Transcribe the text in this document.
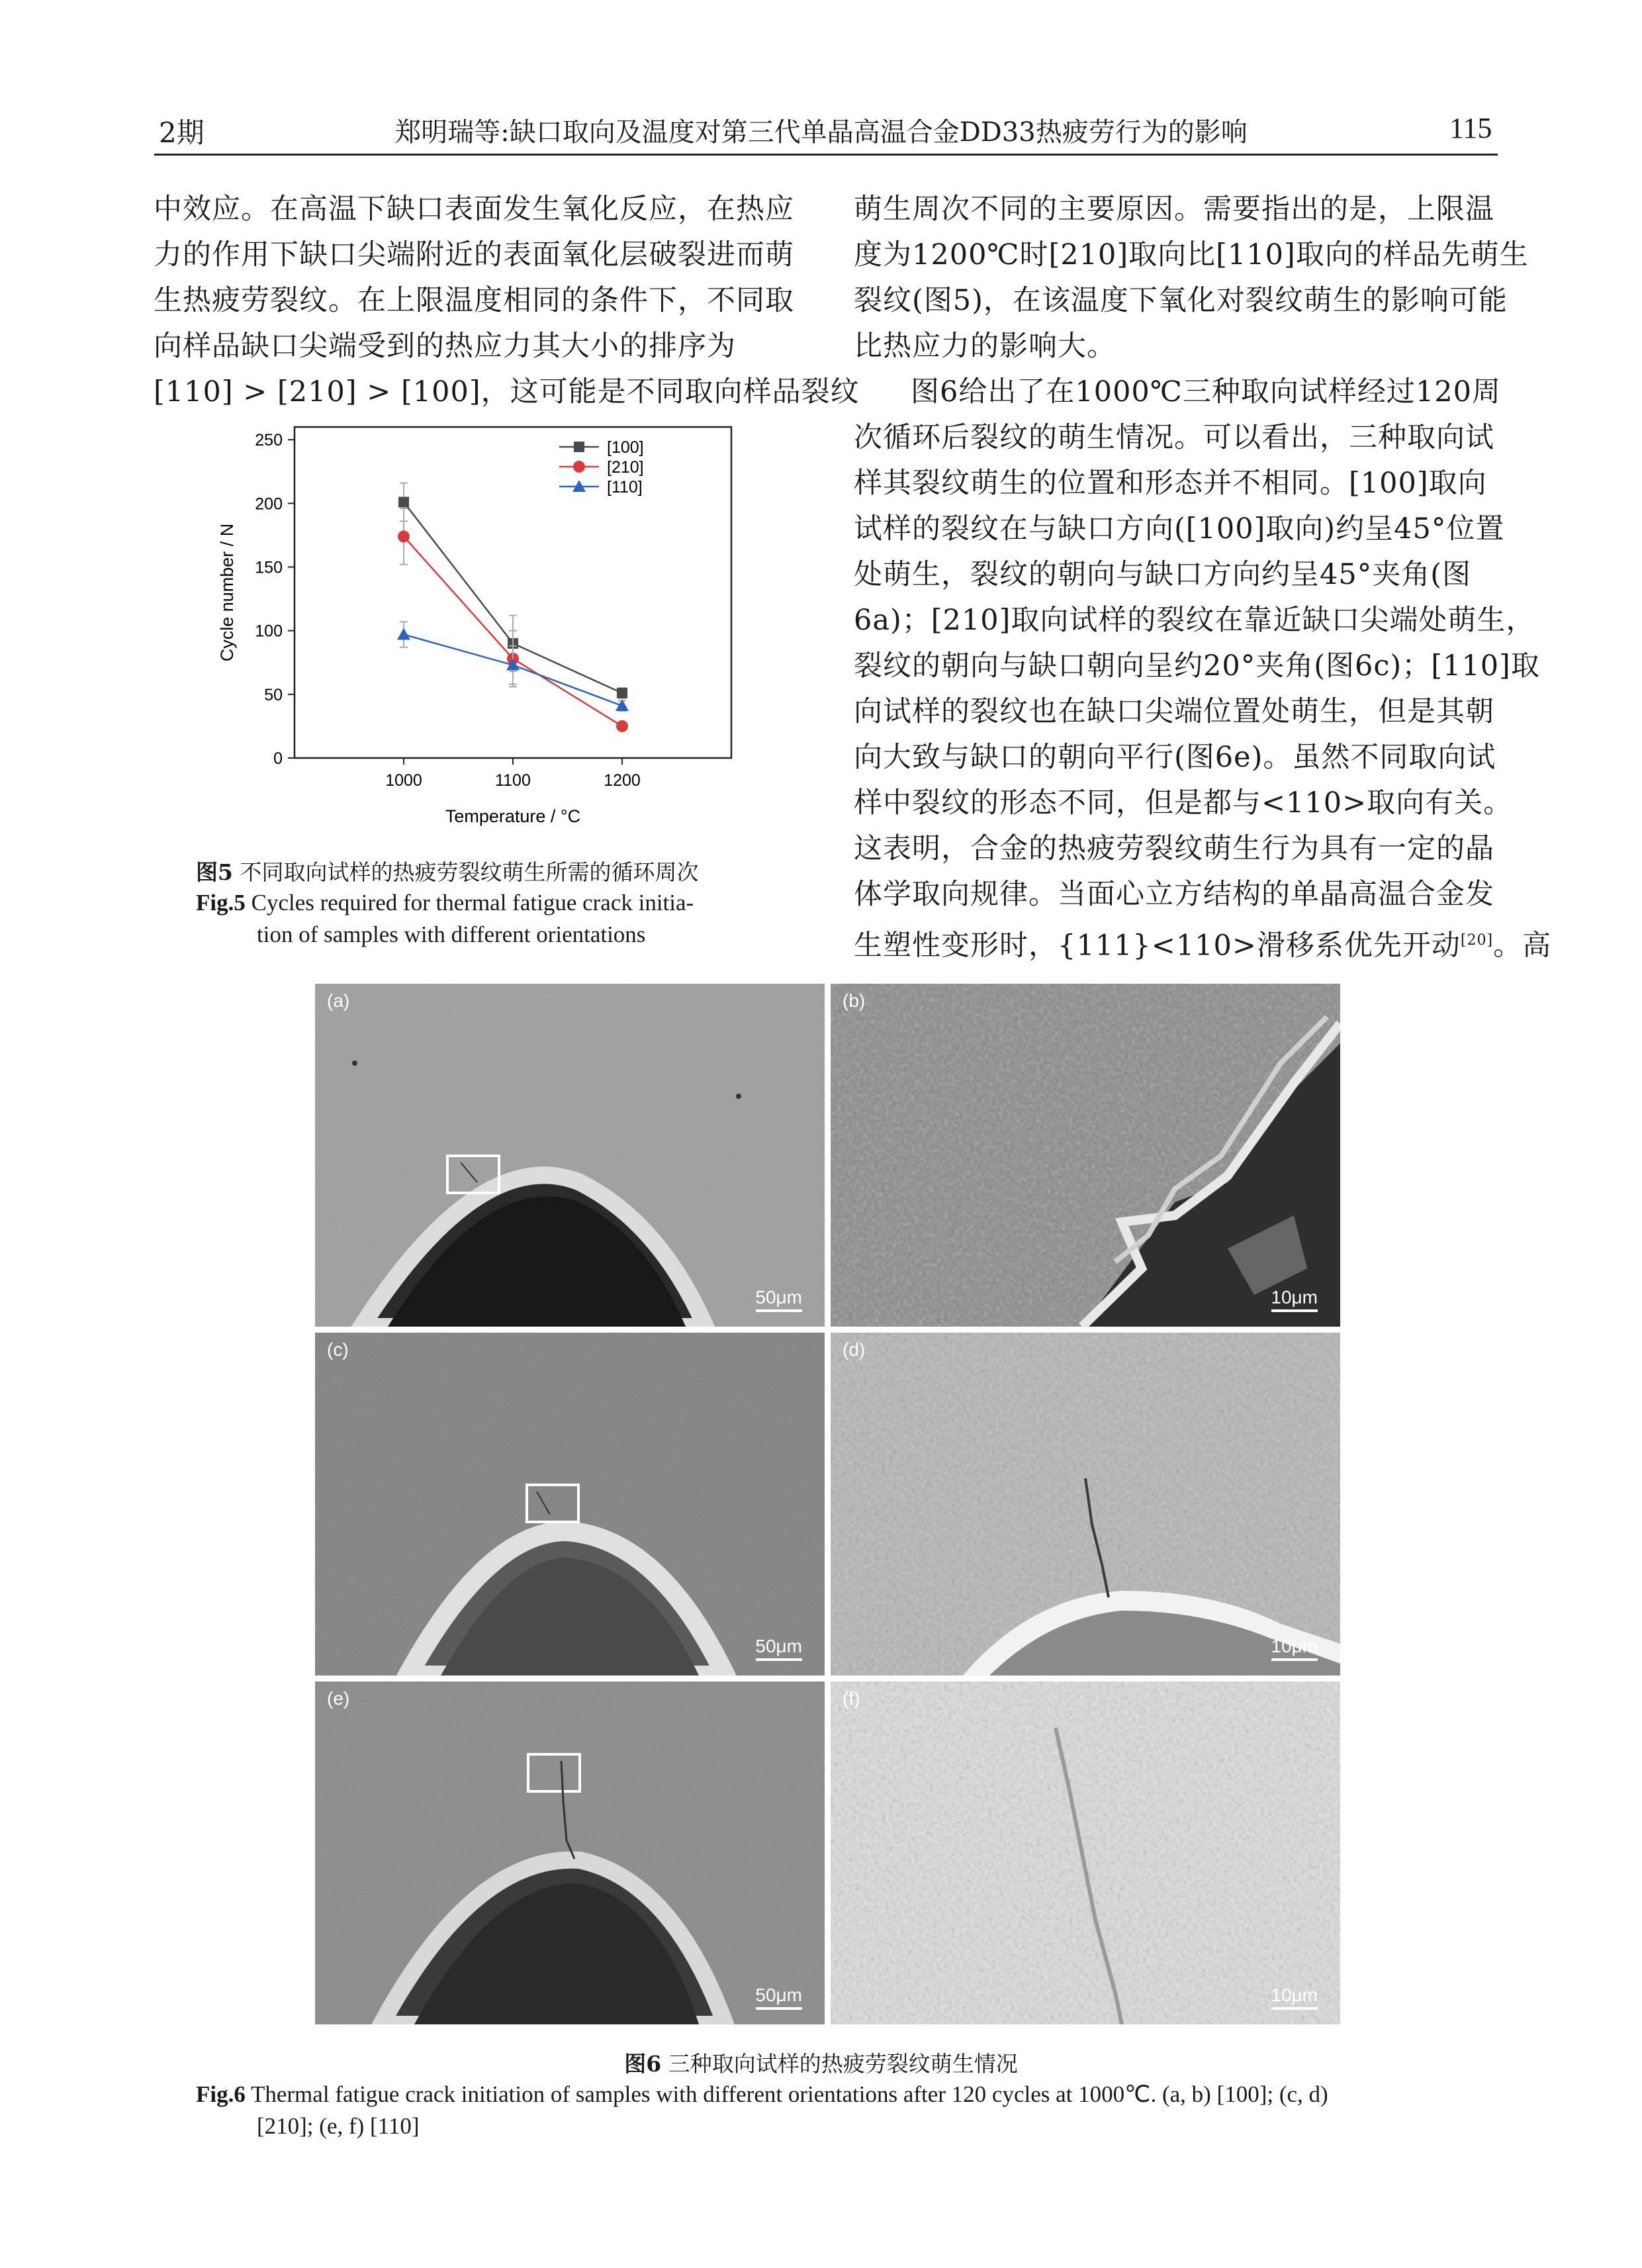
2期	郑明瑞等:缺口取向及温度对第三代单晶高温合金DD33热疲劳行为的影响	115
中效应。在高温下缺口表面发生氧化反应，在热应
力的作用下缺口尖端附近的表面氧化层破裂进而萌
生热疲劳裂纹。在上限温度相同的条件下，不同取
向样品缺口尖端受到的热应力其大小的排序为
[110] > [210] > [100]，这可能是不同取向样品裂纹
萌生周次不同的主要原因。需要指出的是，上限温
度为1200℃时[210]取向比[110]取向的样品先萌生
裂纹(图5)，在该温度下氧化对裂纹萌生的影响可能
比热应力的影响大。
图6给出了在1000℃三种取向试样经过120周
次循环后裂纹的萌生情况。可以看出，三种取向试
样其裂纹萌生的位置和形态并不相同。[100]取向
试样的裂纹在与缺口方向([100]取向)约呈45°位置
处萌生，裂纹的朝向与缺口方向约呈45°夹角(图
6a)；[210]取向试样的裂纹在靠近缺口尖端处萌生，
裂纹的朝向与缺口朝向呈约20°夹角(图6c)；[110]取
向试样的裂纹也在缺口尖端位置处萌生，但是其朝
向大致与缺口的朝向平行(图6e)。虽然不同取向试
样中裂纹的形态不同，但是都与<110>取向有关。
这表明，合金的热疲劳裂纹萌生行为具有一定的晶
体学取向规律。当面心立方结构的单晶高温合金发
生塑性变形时，{111}<110>滑移系优先开动[20]。高
0
50
100
150
200
250
1000	1100	1200
[100]
[210]
[110]
Temperature / °C
Cycle number / N
图5 不同取向试样的热疲劳裂纹萌生所需的循环周次
Fig.5 Cycles required for thermal fatigue crack initia-
tion of samples with different orientations
(a)
50μm
(b)
10μm
(c)
50μm
(d)
10μm
(e)
50μm
(f)
10μm
图6 三种取向试样的热疲劳裂纹萌生情况
Fig.6 Thermal fatigue crack initiation of samples with different orientations after 120 cycles at 1000℃. (a, b) [100]; (c, d)
[210]; (e, f) [110]
